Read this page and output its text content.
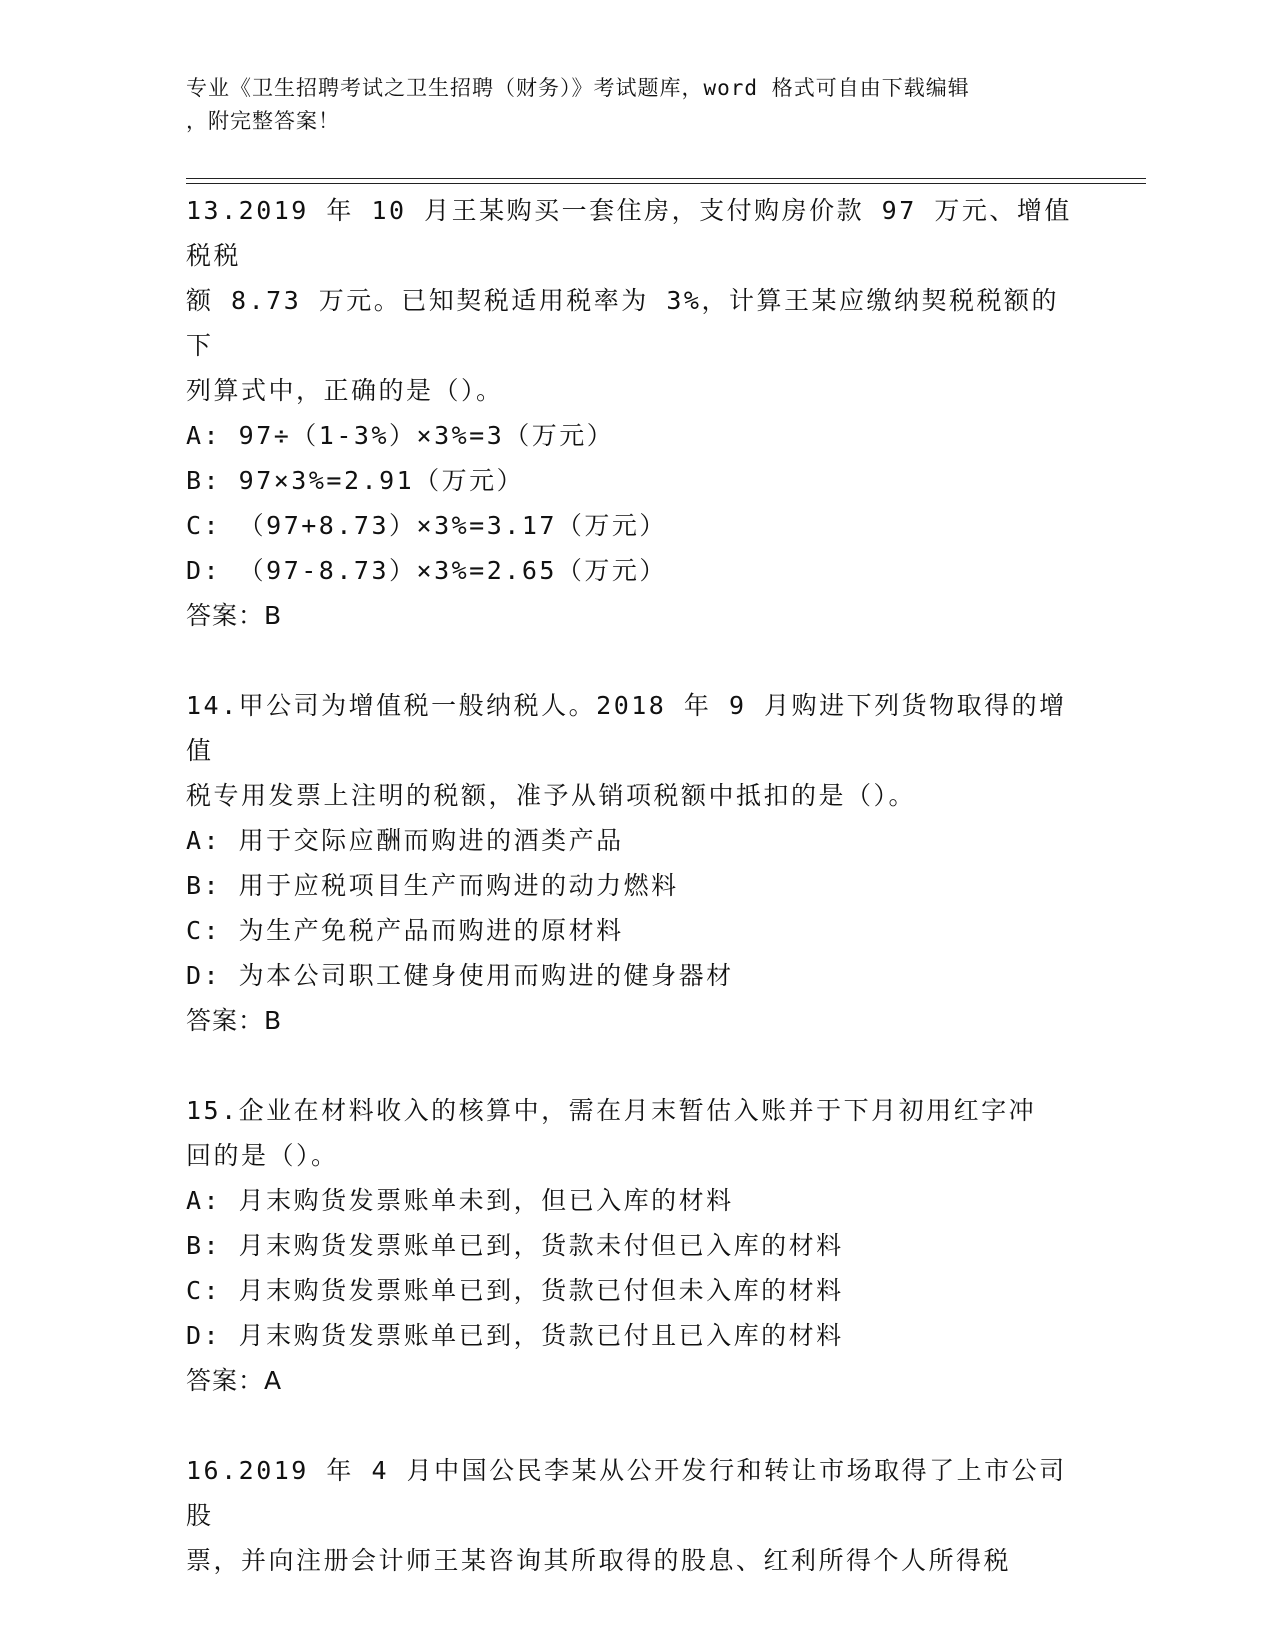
专业《卫生招聘考试之卫生招聘（财务）》考试题库，word 格式可自由下载编辑
，附完整答案！
13.2019 年 10 月王某购买一套住房，支付购房价款 97 万元、增值税税
额 8.73 万元。已知契税适用税率为 3%，计算王某应缴纳契税税额的下
列算式中，正确的是（）。
A: 97÷（1-3%）×3%=3（万元）
B: 97×3%=2.91（万元）
C: （97+8.73）×3%=3.17（万元）
D: （97-8.73）×3%=2.65（万元）
答案：B
14.甲公司为增值税一般纳税人。2018 年 9 月购进下列货物取得的增值
税专用发票上注明的税额，准予从销项税额中抵扣的是（）。
A: 用于交际应酬而购进的酒类产品
B: 用于应税项目生产而购进的动力燃料
C: 为生产免税产品而购进的原材料
D: 为本公司职工健身使用而购进的健身器材
答案：B
15.企业在材料收入的核算中，需在月末暂估入账并于下月初用红字冲
回的是（）。
A: 月末购货发票账单未到，但已入库的材料
B: 月末购货发票账单已到，货款未付但已入库的材料
C: 月末购货发票账单已到，货款已付但未入库的材料
D: 月末购货发票账单已到，货款已付且已入库的材料
答案：A
16.2019 年 4 月中国公民李某从公开发行和转让市场取得了上市公司股
票，并向注册会计师王某咨询其所取得的股息、红利所得个人所得税
